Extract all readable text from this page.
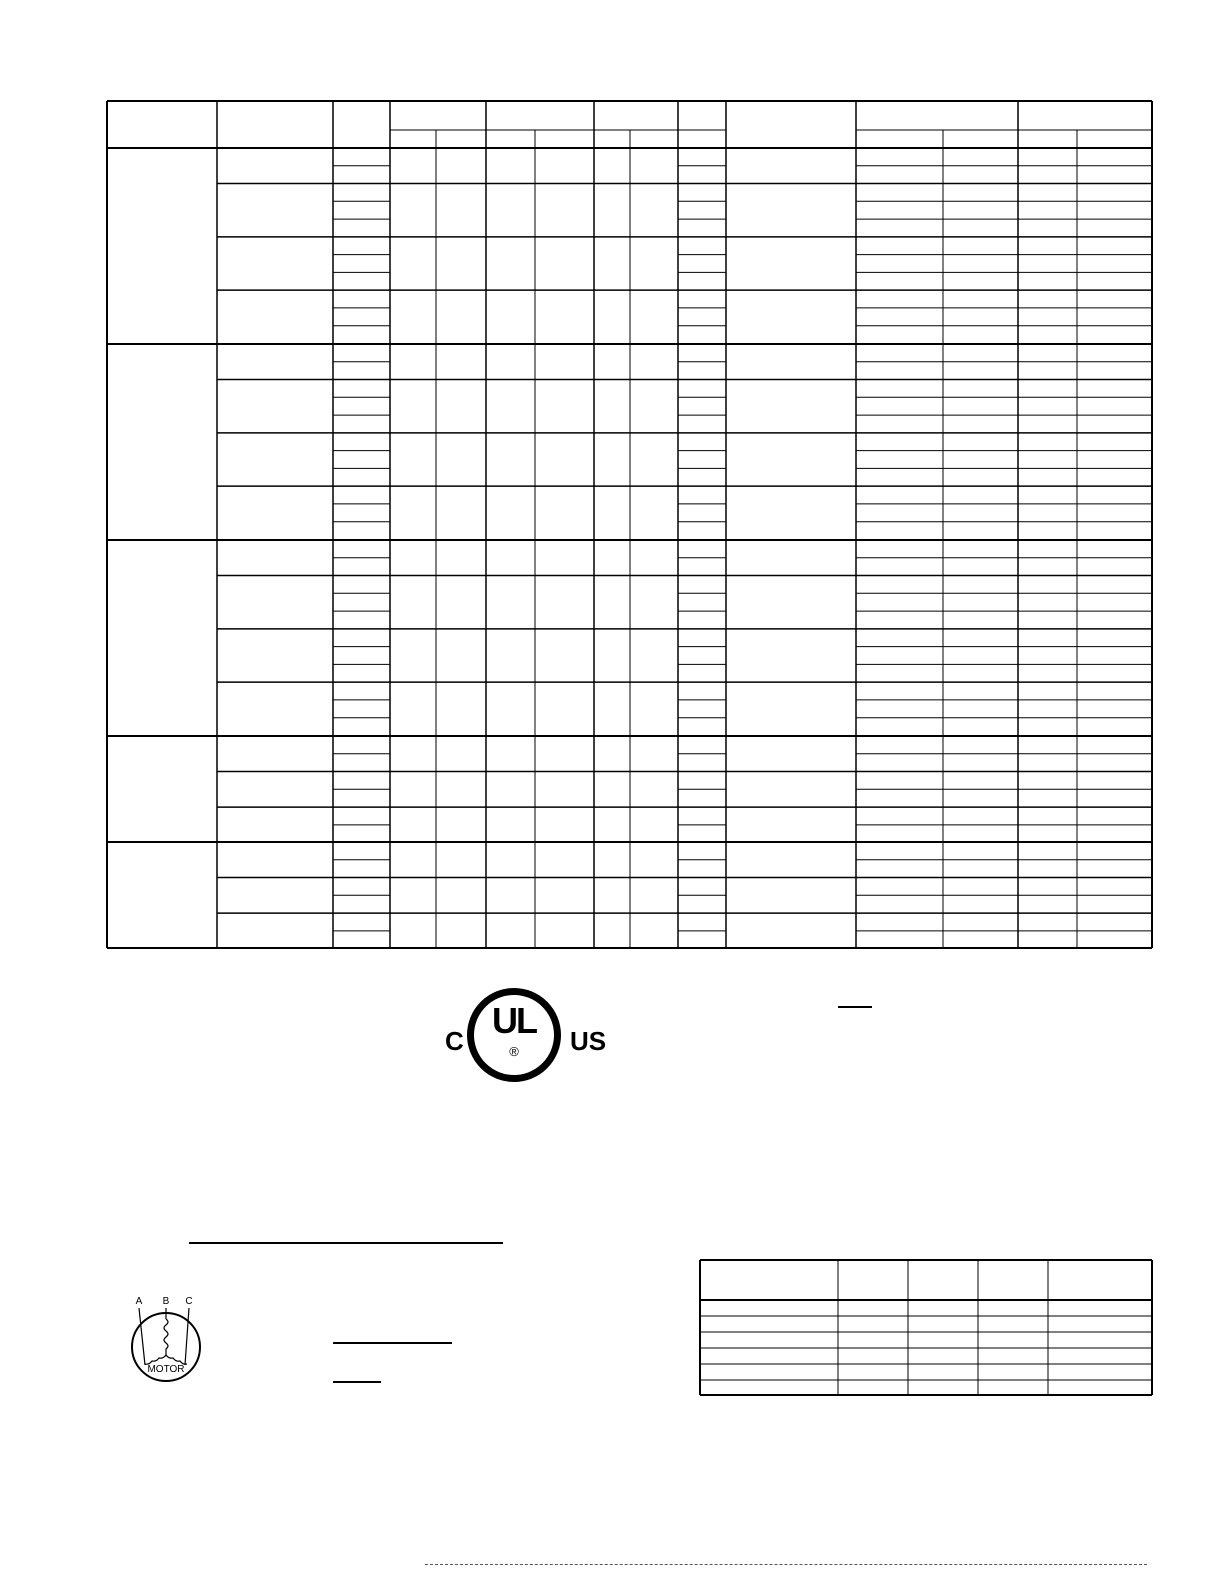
C UL
®	US
A B C
MOTOR
